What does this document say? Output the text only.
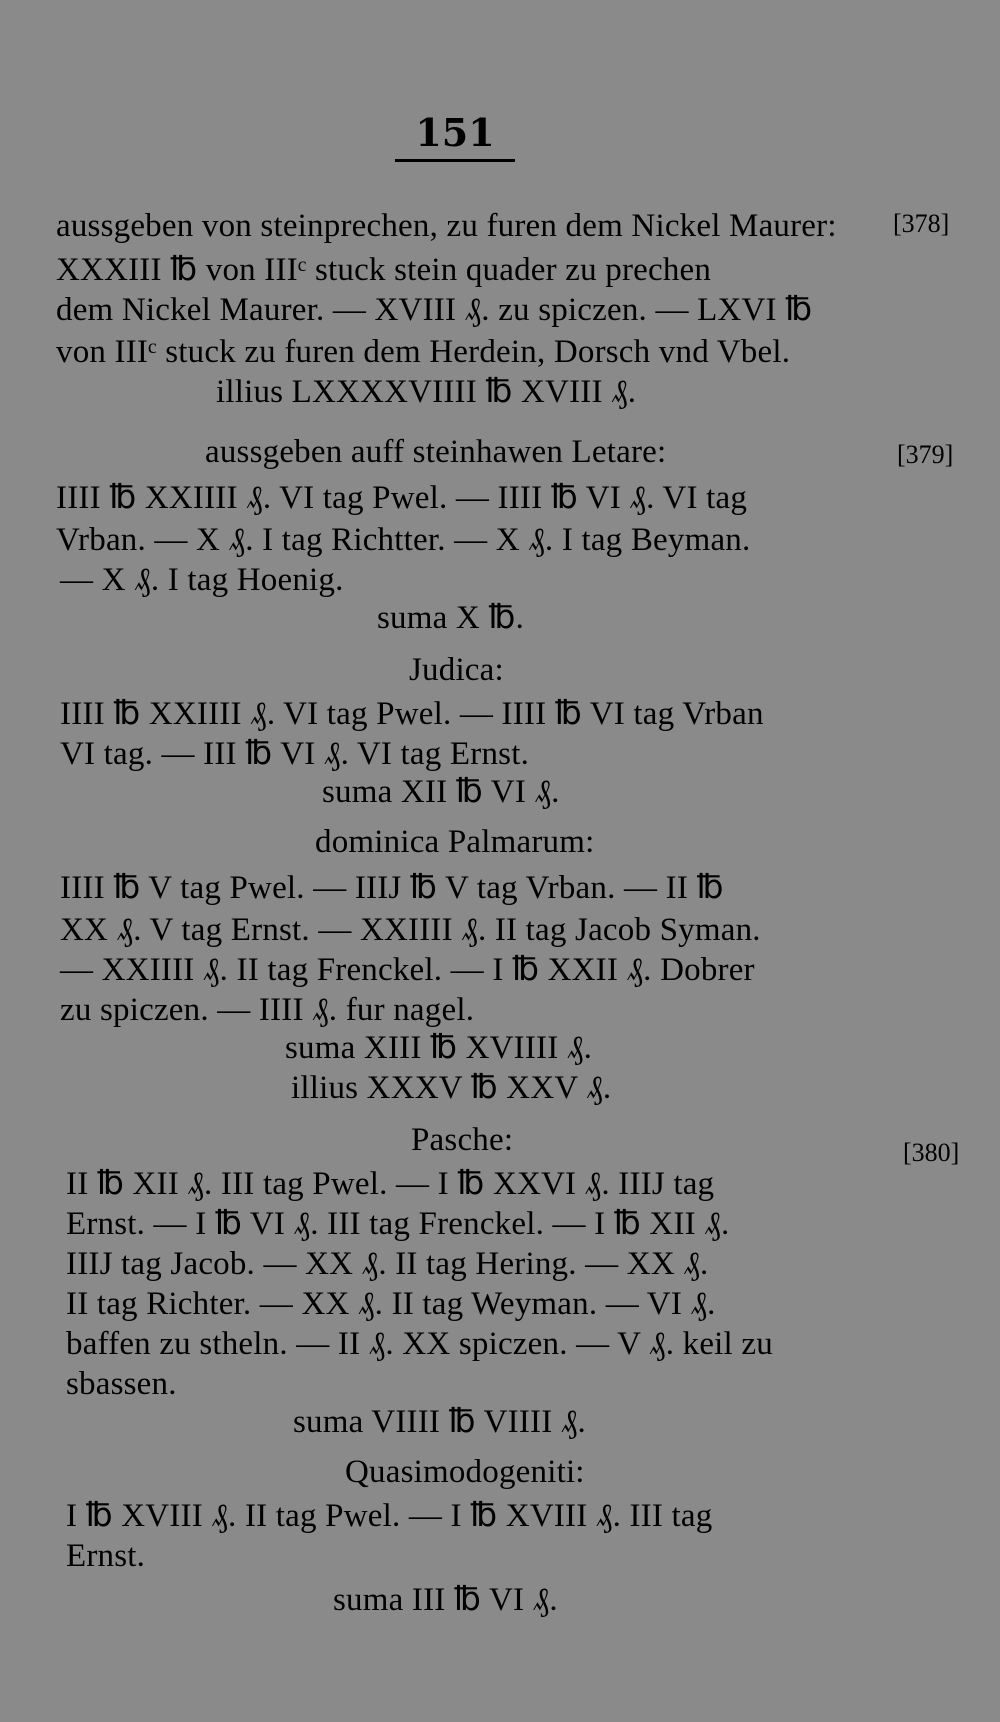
151
[378]
[379]
[380]
aussgeben von steinprechen, zu furen dem Nickel Maurer:
XXXIII ℔ von IIIᶜ stuck stein quader zu prechen
dem Nickel Maurer. — XVIII ₰. zu spiczen. — LXVI ℔
von IIIᶜ stuck zu furen dem Herdein, Dorsch vnd Vbel.
illius LXXXXVIIII ℔ XVIII ₰.
aussgeben auff steinhawen Letare:
IIII ℔ XXIIII ₰. VI tag Pwel. — IIII ℔ VI ₰. VI tag
Vrban. — X ₰. I tag Richtter. — X ₰. I tag Beyman.
— X ₰. I tag Hoenig.
suma X ℔.
Judica:
IIII ℔ XXIIII ₰. VI tag Pwel. — IIII ℔ VI tag Vrban
VI tag. — III ℔ VI ₰. VI tag Ernst.
suma XII ℔ VI ₰.
dominica Palmarum:
IIII ℔ V tag Pwel. — IIIJ ℔ V tag Vrban. — II ℔
XX ₰. V tag Ernst. — XXIIII ₰. II tag Jacob Syman.
— XXIIII ₰. II tag Frenckel. — I ℔ XXII ₰. Dobrer
zu spiczen. — IIII ₰. fur nagel.
suma XIII ℔ XVIIII ₰.
illius XXXV ℔ XXV ₰.
Pasche:
II ℔ XII ₰. III tag Pwel. — I ℔ XXVI ₰. IIIJ tag
Ernst. — I ℔ VI ₰. III tag Frenckel. — I ℔ XII ₰.
IIIJ tag Jacob. — XX ₰. II tag Hering. — XX ₰.
II tag Richter. — XX ₰. II tag Weyman. — VI ₰.
baffen zu stheln. — II ₰. XX spiczen. — V ₰. keil zu
sbassen.
suma VIIII ℔ VIIII ₰.
Quasimodogeniti:
I ℔ XVIII ₰. II tag Pwel. — I ℔ XVIII ₰. III tag
Ernst.
suma III ℔ VI ₰.
